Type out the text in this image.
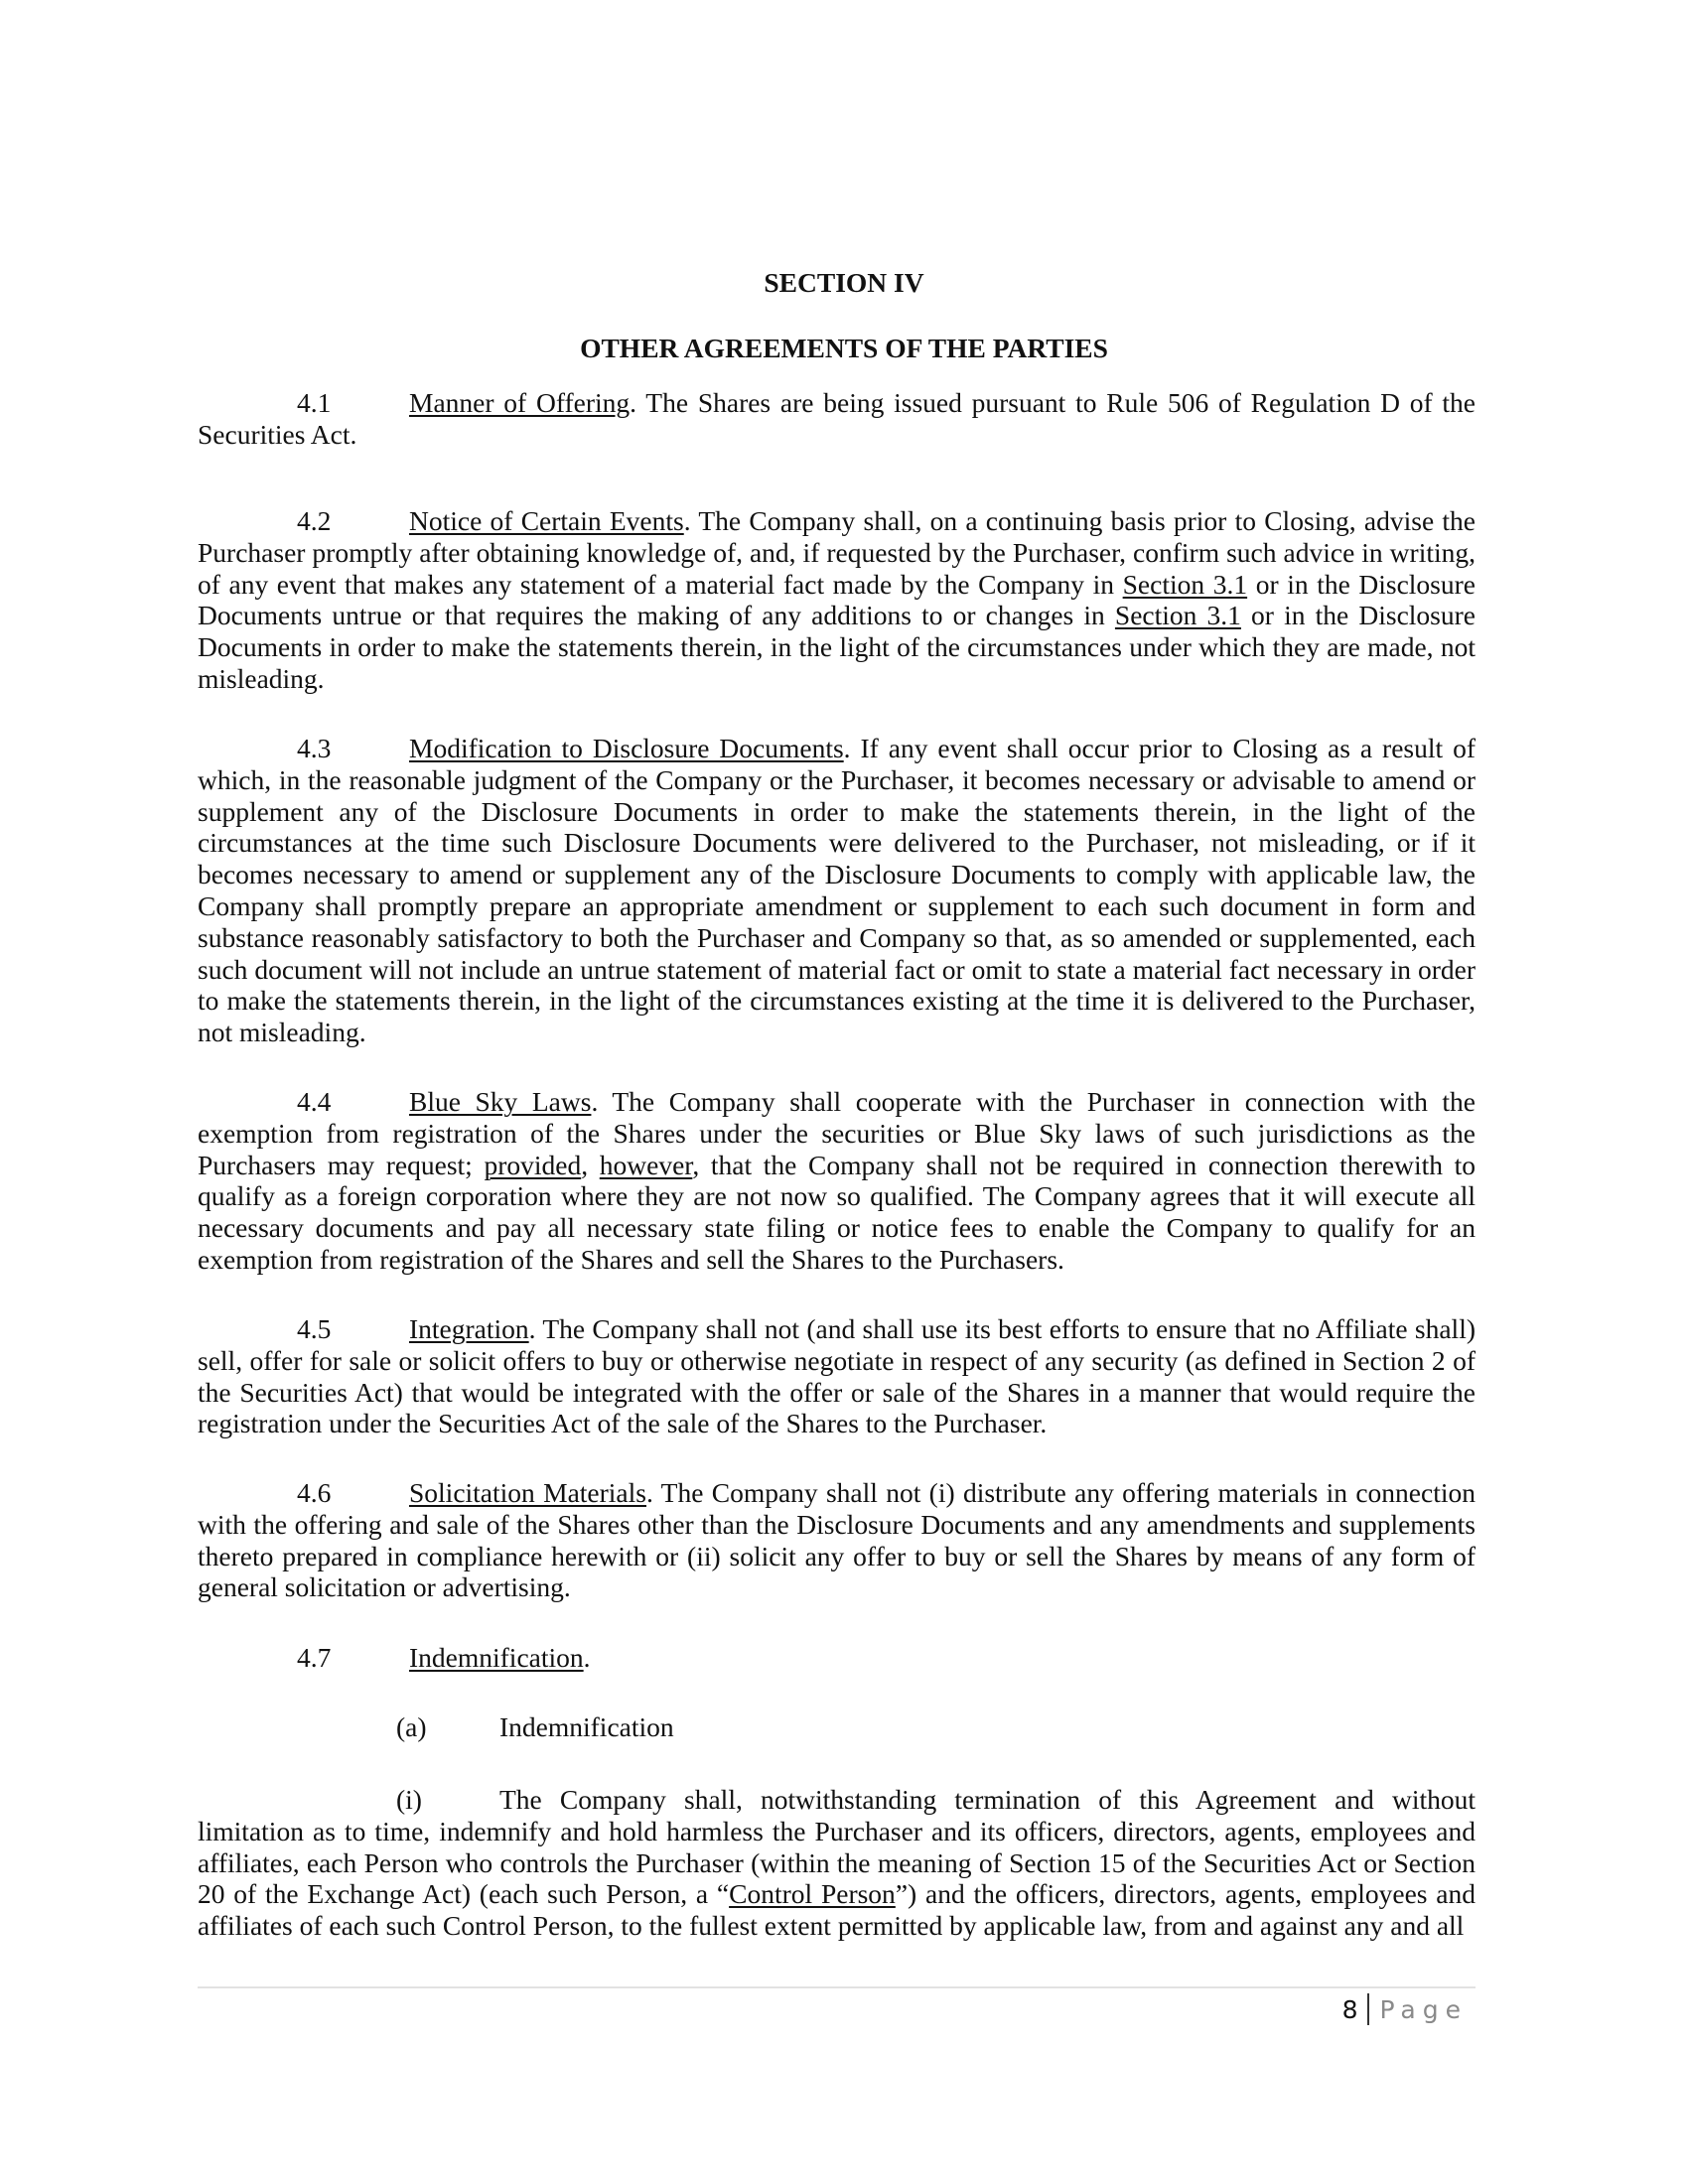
SECTION IV
OTHER AGREEMENTS OF THE PARTIES

4.1	Manner of Offering. The Shares are being issued pursuant to Rule 506 of Regulation D of the Securities Act.

4.2	Notice of Certain Events. The Company shall, on a continuing basis prior to Closing, advise the Purchaser promptly after obtaining knowledge of, and, if requested by the Purchaser, confirm such advice in writing, of any event that makes any statement of a material fact made by the Company in Section 3.1 or in the Disclosure Documents untrue or that requires the making of any additions to or changes in Section 3.1 or in the Disclosure Documents in order to make the statements therein, in the light of the circumstances under which they are made, not misleading.

4.3	Modification to Disclosure Documents. If any event shall occur prior to Closing as a result of which, in the reasonable judgment of the Company or the Purchaser, it becomes necessary or advisable to amend or supplement any of the Disclosure Documents in order to make the statements therein, in the light of the circumstances at the time such Disclosure Documents were delivered to the Purchaser, not misleading, or if it becomes necessary to amend or supplement any of the Disclosure Documents to comply with applicable law, the Company shall promptly prepare an appropriate amendment or supplement to each such document in form and substance reasonably satisfactory to both the Purchaser and Company so that, as so amended or supplemented, each such document will not include an untrue statement of material fact or omit to state a material fact necessary in order to make the statements therein, in the light of the circumstances existing at the time it is delivered to the Purchaser, not misleading.

4.4	Blue Sky Laws. The Company shall cooperate with the Purchaser in connection with the exemption from registration of the Shares under the securities or Blue Sky laws of such jurisdictions as the Purchasers may request; provided, however, that the Company shall not be required in connection therewith to qualify as a foreign corporation where they are not now so qualified. The Company agrees that it will execute all necessary documents and pay all necessary state filing or notice fees to enable the Company to qualify for an exemption from registration of the Shares and sell the Shares to the Purchasers.

4.5	Integration. The Company shall not (and shall use its best efforts to ensure that no Affiliate shall) sell, offer for sale or solicit offers to buy or otherwise negotiate in respect of any security (as defined in Section 2 of the Securities Act) that would be integrated with the offer or sale of the Shares in a manner that would require the registration under the Securities Act of the sale of the Shares to the Purchaser.

4.6	Solicitation Materials. The Company shall not (i) distribute any offering materials in connection with the offering and sale of the Shares other than the Disclosure Documents and any amendments and supplements thereto prepared in compliance herewith or (ii) solicit any offer to buy or sell the Shares by means of any form of general solicitation or advertising.

4.7	Indemnification.

(a)	Indemnification

(i)	The Company shall, notwithstanding termination of this Agreement and without limitation as to time, indemnify and hold harmless the Purchaser and its officers, directors, agents, employees and affiliates, each Person who controls the Purchaser (within the meaning of Section 15 of the Securities Act or Section 20 of the Exchange Act) (each such Person, a “Control Person”) and the officers, directors, agents, employees and affiliates of each such Control Person, to the fullest extent permitted by applicable law, from and against any and all

8 Page
